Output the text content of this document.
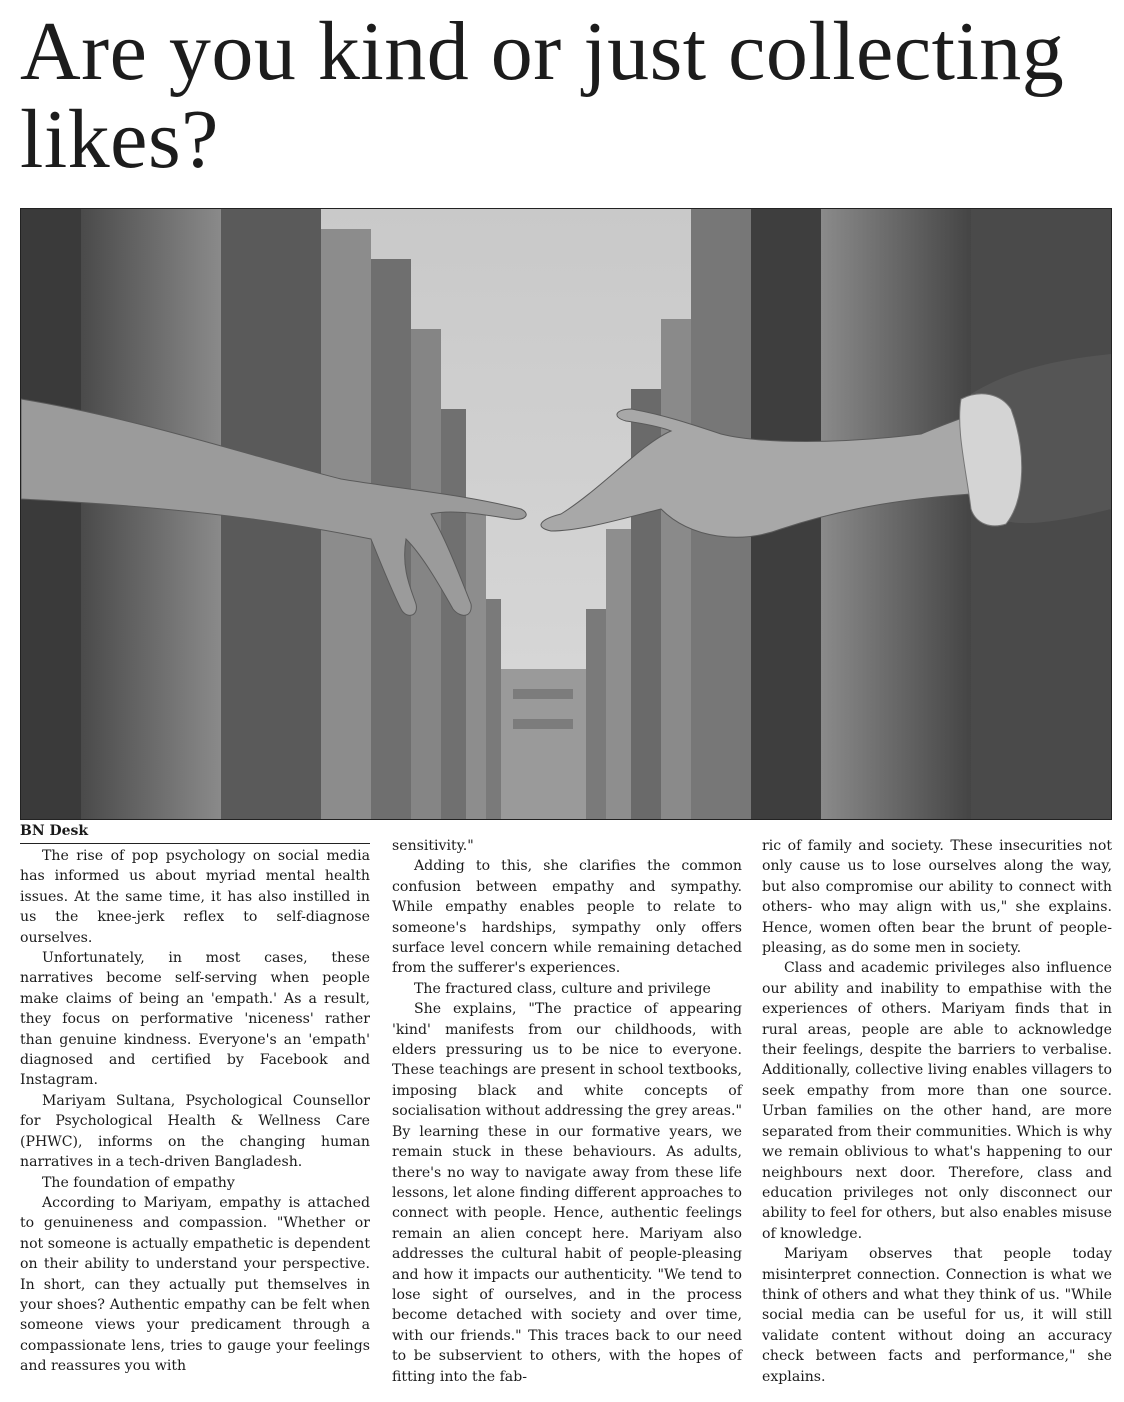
Are you kind or just collecting likes?
BN Desk

The rise of pop psychology on social media has informed us about myriad mental health issues. At the same time, it has also instilled in us the knee-jerk reflex to self-diagnose ourselves.

Unfortunately, in most cases, these narratives become self-serving when people make claims of being an 'empath.' As a result, they focus on performative 'niceness' rather than genuine kindness. Everyone's an 'empath' diagnosed and certified by Facebook and Instagram.

Mariyam Sultana, Psychological Counsellor for Psychological Health & Wellness Care (PHWC), informs on the changing human narratives in a tech-driven Bangladesh.

The foundation of empathy

According to Mariyam, empathy is attached to genuineness and compassion. "Whether or not someone is actually empathetic is dependent on their ability to understand your perspective. In short, can they actually put themselves in your shoes? Authentic empathy can be felt when someone views your predicament through a compassionate lens, tries to gauge your feelings and reassures you with

sensitivity."

Adding to this, she clarifies the common confusion between empathy and sympathy. While empathy enables people to relate to someone's hardships, sympathy only offers surface level concern while remaining detached from the sufferer's experiences.

The fractured class, culture and privilege

She explains, "The practice of appearing 'kind' manifests from our childhoods, with elders pressuring us to be nice to everyone. These teachings are present in school textbooks, imposing black and white concepts of socialisation without addressing the grey areas." By learning these in our formative years, we remain stuck in these behaviours. As adults, there's no way to navigate away from these life lessons, let alone finding different approaches to connect with people. Hence, authentic feelings remain an alien concept here. Mariyam also addresses the cultural habit of people-pleasing and how it impacts our authenticity. "We tend to lose sight of ourselves, and in the process become detached with society and over time, with our friends." This traces back to our need to be subservient to others, with the hopes of fitting into the fab-

ric of family and society. These insecurities not only cause us to lose ourselves along the way, but also compromise our ability to connect with others- who may align with us," she explains. Hence, women often bear the brunt of people-pleasing, as do some men in society.

Class and academic privileges also influence our ability and inability to empathise with the experiences of others. Mariyam finds that in rural areas, people are able to acknowledge their feelings, despite the barriers to verbalise. Additionally, collective living enables villagers to seek empathy from more than one source. Urban families on the other hand, are more separated from their communities. Which is why we remain oblivious to what's happening to our neighbours next door. Therefore, class and education privileges not only disconnect our ability to feel for others, but also enables misuse of knowledge.

Mariyam observes that people today misinterpret connection. Connection is what we think of others and what they think of us. "While social media can be useful for us, it will still validate content without doing an accuracy check between facts and performance," she explains.
